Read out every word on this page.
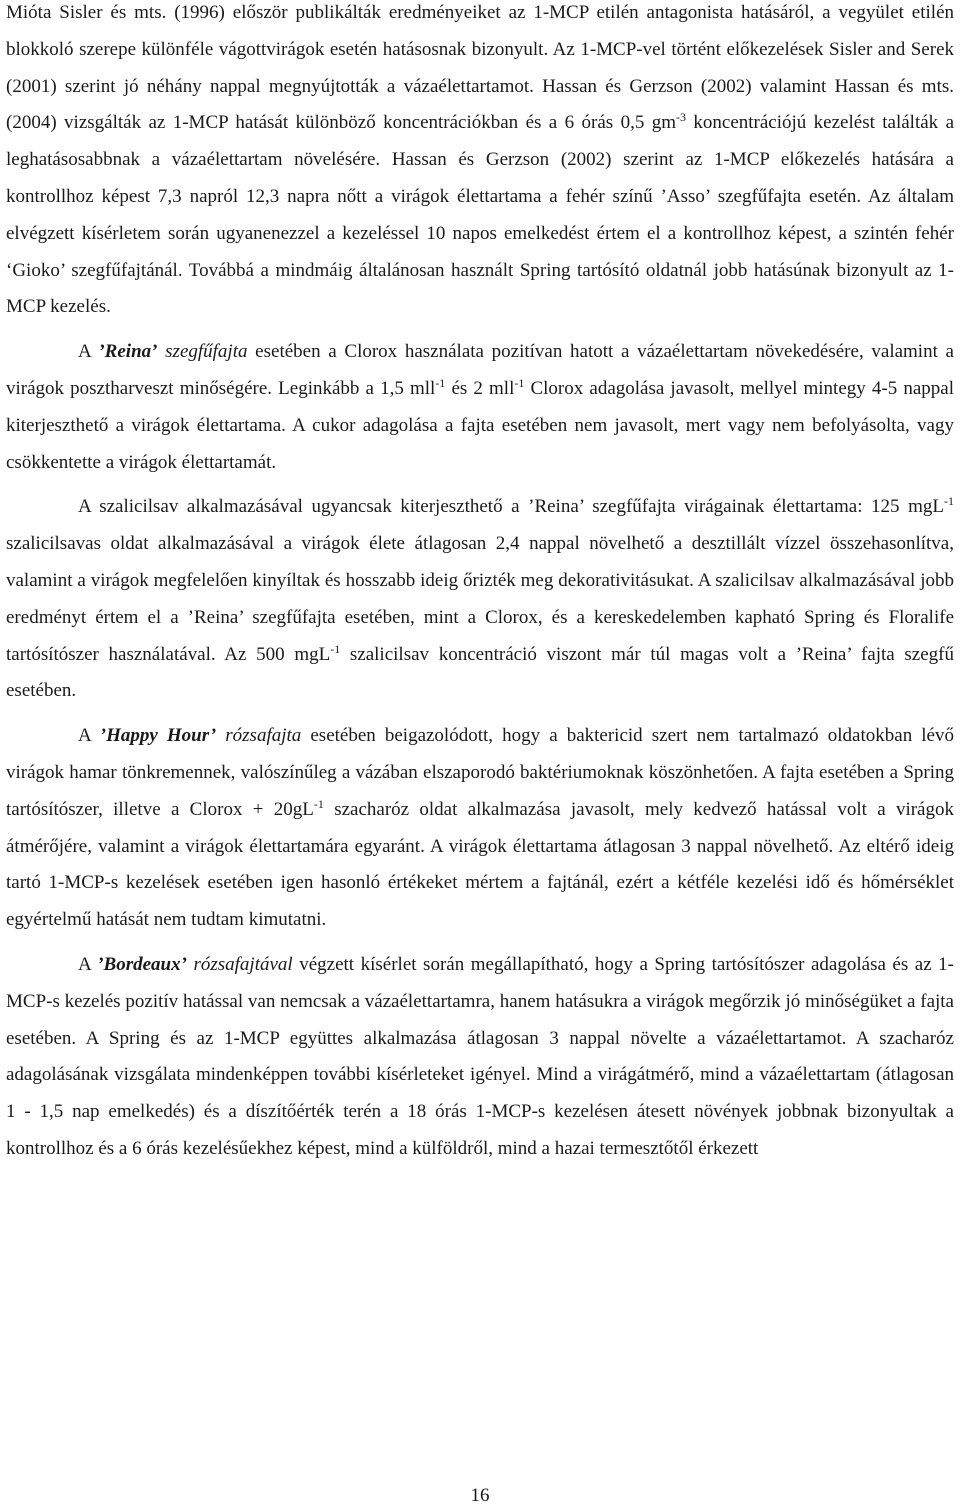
Mióta Sisler és mts. (1996) először publikálták eredményeiket az 1-MCP etilén antagonista hatásáról, a vegyület etilén blokkoló szerepe különféle vágottvirágok esetén hatásosnak bizonyult. Az 1-MCP-vel történt előkezelések Sisler and Serek (2001) szerint jó néhány nappal megnyújtották a vázaélettartamot. Hassan és Gerzson (2002) valamint Hassan és mts. (2004) vizsgálták az 1-MCP hatását különböző koncentrációkban és a 6 órás 0,5 $gm^{-3}$ koncentrációjú kezelést találták a leghatásosabbnak a vázaélettartam növelésére. Hassan és Gerzson (2002) szerint az 1-MCP előkezelés hatására a kontrollhoz képest 7,3 napról 12,3 napra nőtt a virágok élettartama a fehér színű ’Asso’ szegfűfajta esetén. Az általam elvégzett kísérletem során ugyanenezzel a kezeléssel 10 napos emelkedést értem el a kontrollhoz képest, a szintén fehér ‘Gioko’ szegfűfajtánál. Továbbá a mindmáig általánosan használt Spring tartósító oldatnál jobb hatásúnak bizonyult az 1-MCP kezelés.

A ’Reina’ szegfűfajta esetében a Clorox használata pozitívan hatott a vázaélettartam növekedésére, valamint a virágok posztharveszt minőségére. Leginkább a 1,5 mll$^{-1}$ és 2 mll$^{-1}$ Clorox adagolása javasolt, mellyel mintegy 4-5 nappal kiterjeszthető a virágok élettartama. A cukor adagolása a fajta esetében nem javasolt, mert vagy nem befolyásolta, vagy csökkentette a virágok élettartamát.

A szalicilsav alkalmazásával ugyancsak kiterjeszthető a ’Reina’ szegfűfajta virágainak élettartama: 125 mgL$^{-1}$ szalicilsavas oldat alkalmazásával a virágok élete átlagosan 2,4 nappal növelhető a desztillált vízzel összehasonlítva, valamint a virágok megfelelően kinyíltak és hosszabb ideig őrizték meg dekorativitásukat. A szalicilsav alkalmazásával jobb eredményt értem el a ’Reina’ szegfűfajta esetében, mint a Clorox, és a kereskedelemben kapható Spring és Floralife tartósítószer használatával. Az 500 mgL$^{-1}$ szalicilsav koncentráció viszont már túl magas volt a ’Reina’ fajta szegfű esetében.

A ’Happy Hour’ rózsafajta esetében beigazolódott, hogy a baktericid szert nem tartalmazó oldatokban lévő virágok hamar tönkremennek, valószínűleg a vázában elszaporodó baktériumoknak köszönhetően. A fajta esetében a Spring tartósítószer, illetve a Clorox + $20gL^{-1}$ szacharóz oldat alkalmazása javasolt, mely kedvező hatással volt a virágok átmérőjére, valamint a virágok élettartamára egyaránt. A virágok élettartama átlagosan 3 nappal növelhető. Az eltérő ideig tartó 1-MCP-s kezelések esetében igen hasonló értékeket mértem a fajtánál, ezért a kétféle kezelési idő és hőmérséklet egyértelmű hatását nem tudtam kimutatni.

A ’Bordeaux’ rózsafajtával végzett kísérlet során megállapítható, hogy a Spring tartósítószer adagolása és az 1-MCP-s kezelés pozitív hatással van nemcsak a vázaélettartamra, hanem hatásukra a virágok megőrzik jó minőségüket a fajta esetében. A Spring és az 1-MCP együttes alkalmazása átlagosan 3 nappal növelte a vázaélettartamot. A szacharóz adagolásának vizsgálata mindenképpen további kísérleteket igényel. Mind a virágátmérő, mind a vázaélettartam (átlagosan 1 - 1,5 nap emelkedés) és a díszítőérték terén a 18 órás 1-MCP-s kezelésen átesett növények jobbnak bizonyultak a kontrollhoz és a 6 órás kezelésűekhez képest, mind a külföldről, mind a hazai termesztőtől érkezett

16
